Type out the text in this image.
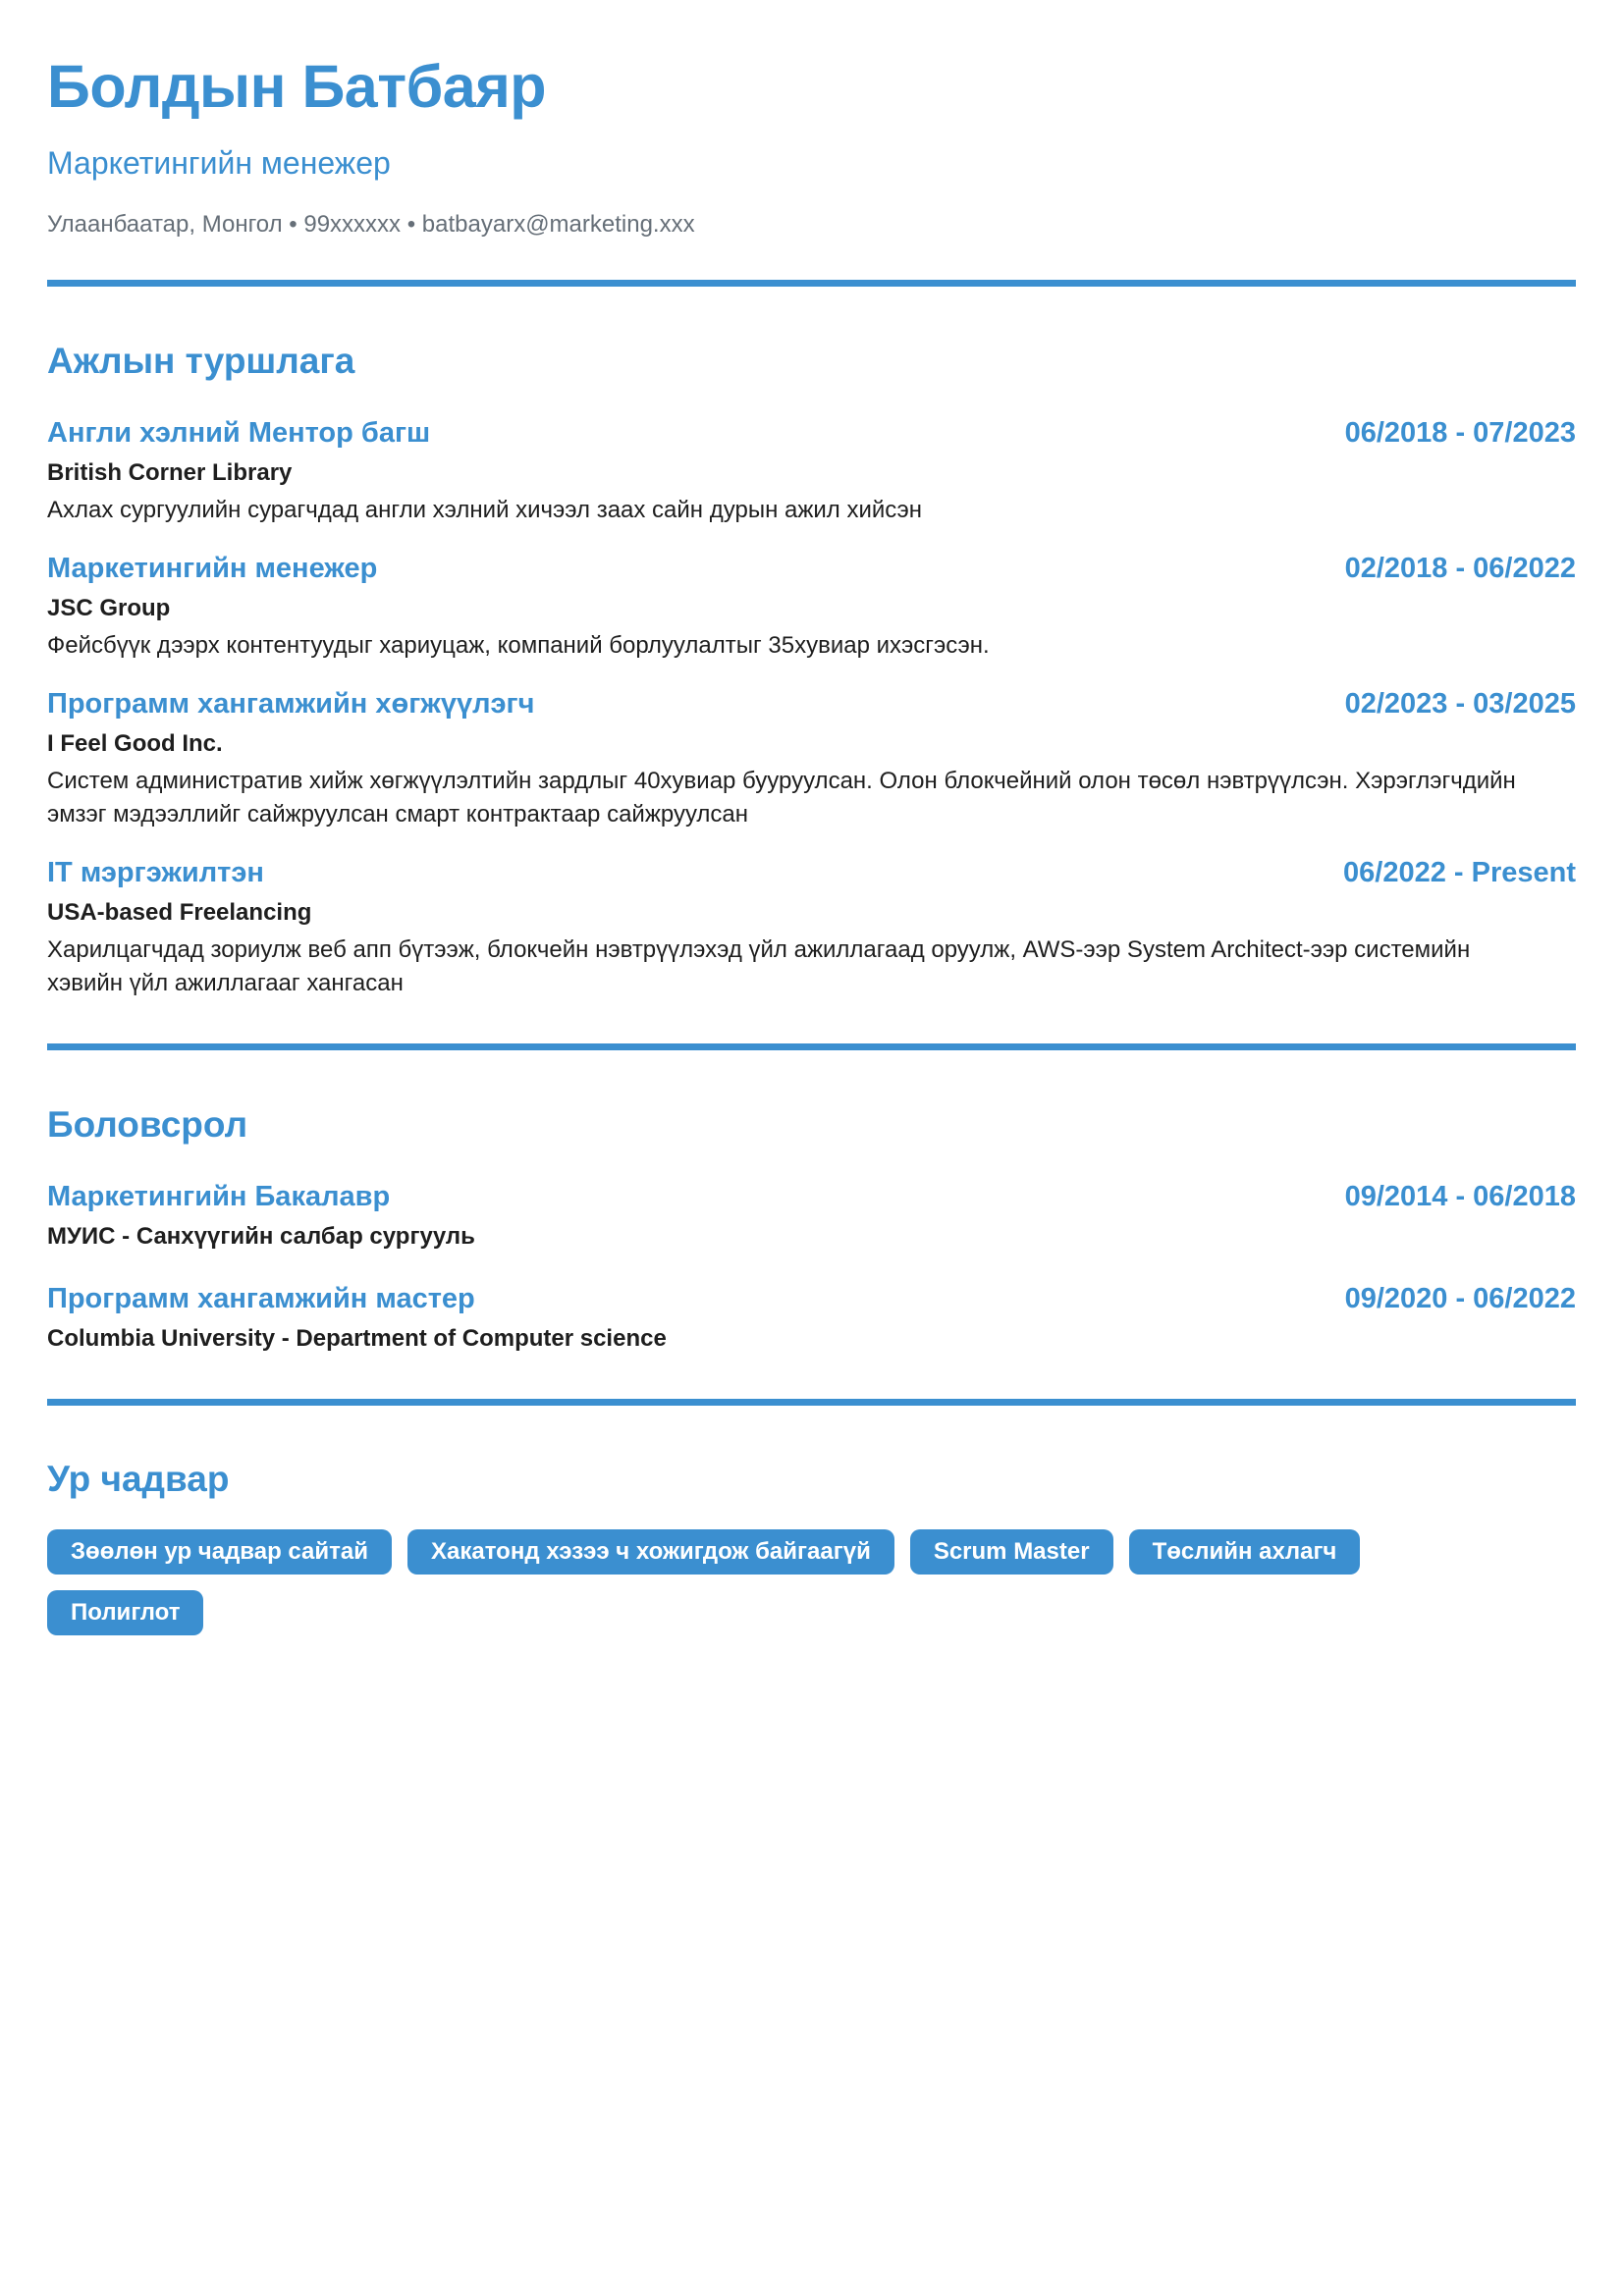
Болдын Батбаяр
Маркетингийн менежер
Улаанбаатар, Монгол • 99xxxxxx • batbayarx@marketing.xxx
Ажлын туршлага
Англи хэлний Ментор багш	06/2018 - 07/2023
British Corner Library
Ахлах сургуулийн сурагчдад англи хэлний хичээл заах сайн дурын ажил хийсэн
Маркетингийн менежер	02/2018 - 06/2022
JSC Group
Фейсбүүк дээрх контентуудыг хариуцаж, компаний борлуулалтыг 35хувиар ихэсгэсэн.
Программ хангамжийн хөгжүүлэгч	02/2023 - 03/2025
I Feel Good Inc.
Систем административ хийж хөгжүүлэлтийн зардлыг 40хувиар бууруулсан. Олон блокчейний олон төсөл нэвтрүүлсэн. Хэрэглэгчдийн эмзэг мэдээллийг сайжруулсан смарт контрактаар сайжруулсан
IT мэргэжилтэн	06/2022 - Present
USA-based Freelancing
Харилцагчдад зориулж веб апп бүтээж, блокчейн нэвтрүүлэхэд үйл ажиллагаад оруулж, AWS-ээр System Architect-ээр системийн хэвийн үйл ажиллагааг хангасан
Боловсрол
Маркетингийн Бакалавр	09/2014 - 06/2018
МУИС - Санхүүгийн салбар сургууль
Программ хангамжийн мастер	09/2020 - 06/2022
Columbia University - Department of Computer science
Ур чадвар
Зөөлөн ур чадвар сайтай	Хакатонд хэзээ ч хожигдож байгаагүй	Scrum Master	Төслийн ахлагч
Полиглот
